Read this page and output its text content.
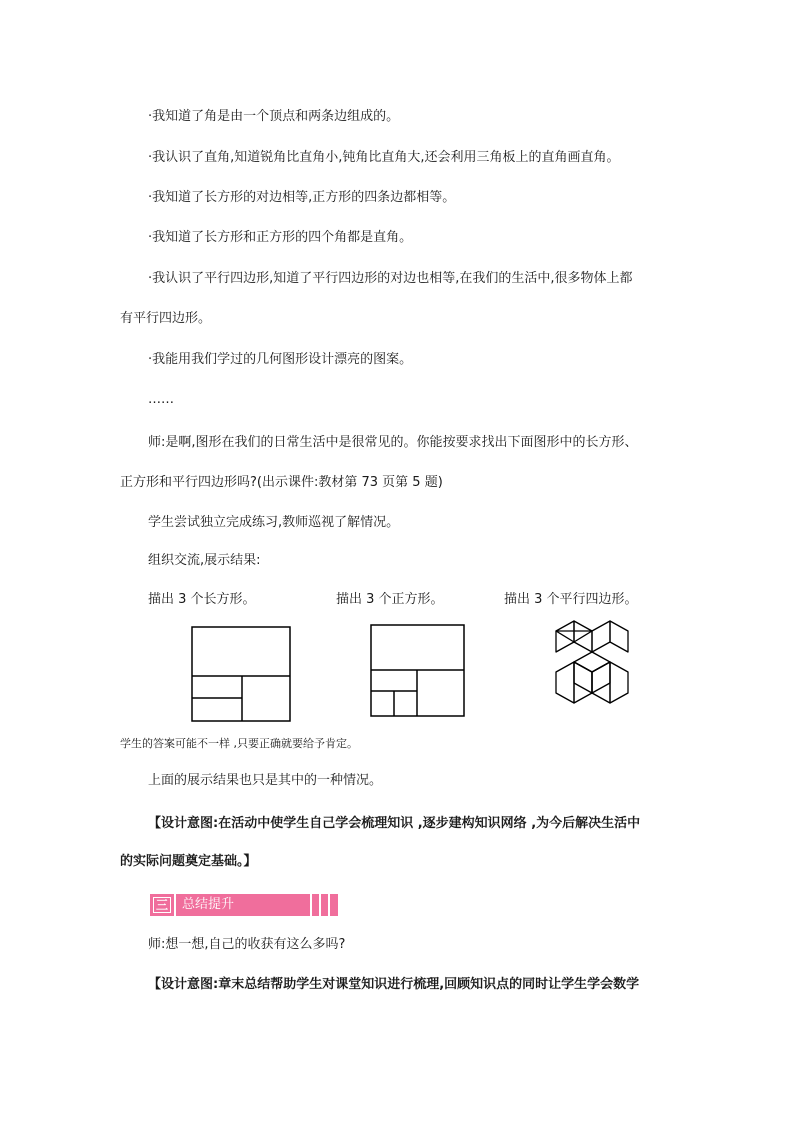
·我知道了角是由一个顶点和两条边组成的。
·我认识了直角,知道锐角比直角小,钝角比直角大,还会利用三角板上的直角画直角。
·我知道了长方形的对边相等,正方形的四条边都相等。
·我知道了长方形和正方形的四个角都是直角。
·我认识了平行四边形,知道了平行四边形的对边也相等,在我们的生活中,很多物体上都
有平行四边形。
·我能用我们学过的几何图形设计漂亮的图案。
……
师:是啊,图形在我们的日常生活中是很常见的。你能按要求找出下面图形中的长方形、
正方形和平行四边形吗?(出示课件:教材第 73 页第 5 题)
学生尝试独立完成练习,教师巡视了解情况。
组织交流,展示结果:
描出 3 个长方形。	描出 3 个正方形。	描出 3 个平行四边形。
学生的答案可能不一样 ,只要正确就要给予肯定。
上面的展示结果也只是其中的一种情况。
【设计意图:在活动中使学生自己学会梳理知识 ,逐步建构知识网络 ,为今后解决生活中
的实际问题奠定基础。】
三 总结提升
师:想一想,自己的收获有这么多吗?
【设计意图:章末总结帮助学生对课堂知识进行梳理,回顾知识点的同时让学生学会数学
